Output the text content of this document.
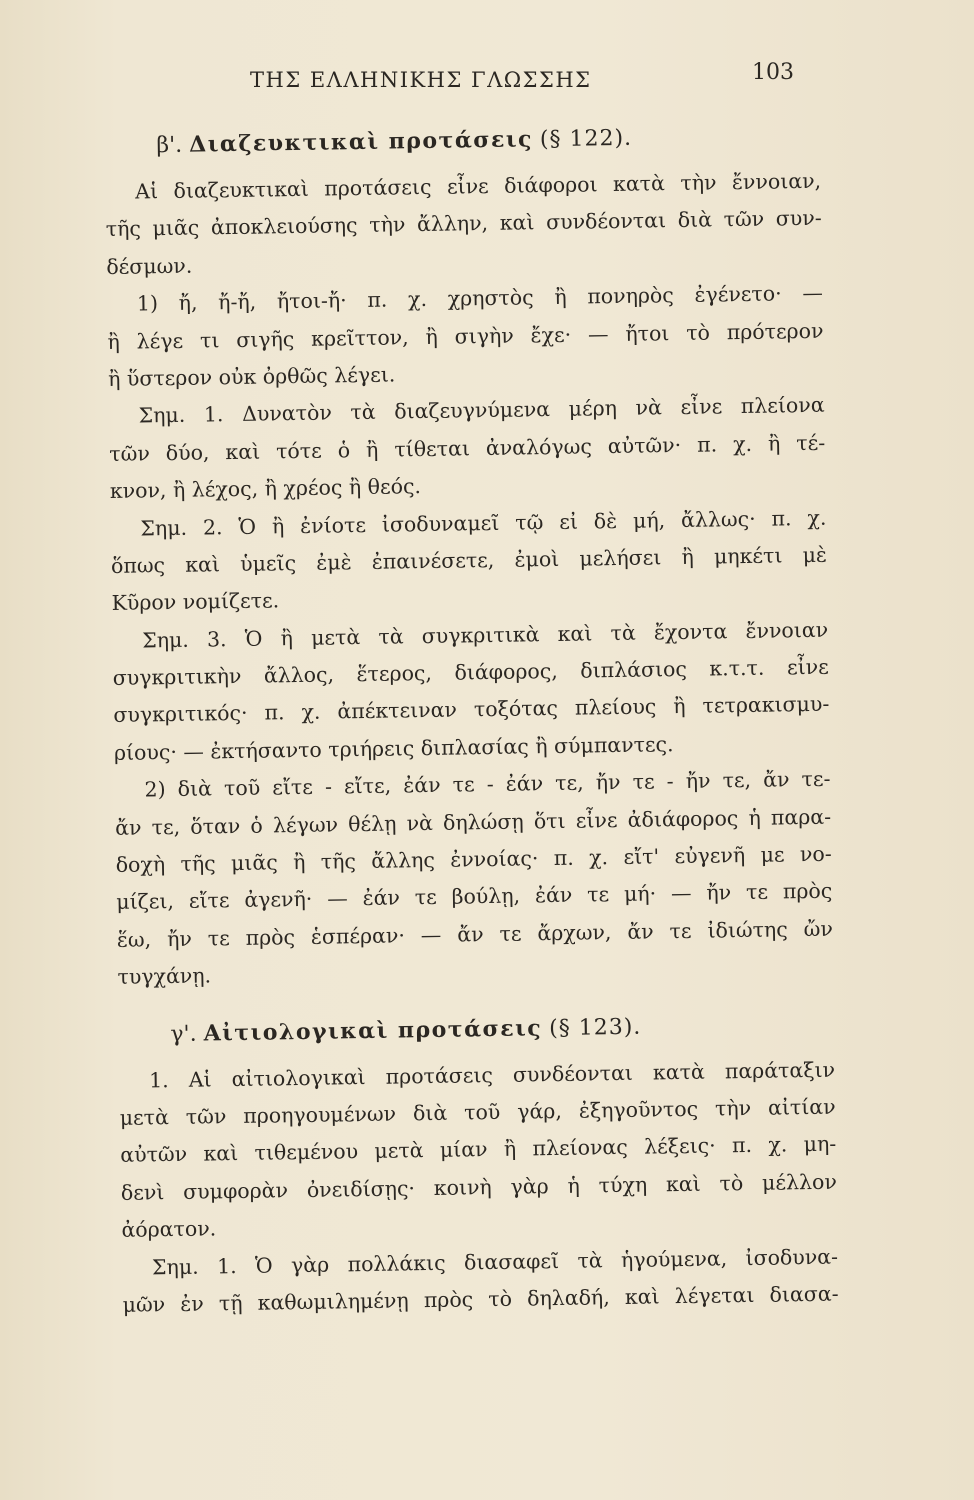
ΤΗΣ ΕΛΛΗΝΙΚΗΣ ΓΛΩΣΣΗΣ	103
β'. Διαζευκτικαὶ προτάσεις (§ 122).
Αἱ διαζευκτικαὶ προτάσεις εἶνε διάφοροι κατὰ τὴν ἔννοιαν,
τῆς μιᾶς ἀποκλειούσης τὴν ἄλλην, καὶ συνδέονται διὰ τῶν συν-
δέσμων.
1) ἤ, ἤ-ἤ, ἤτοι-ἤ· π. χ. χρηστὸς ἢ πονηρὸς ἐγένετο· —
ἢ λέγε τι σιγῆς κρεῖττον, ἢ σιγὴν ἔχε· — ἤτοι τὸ πρότερον
ἢ ὕστερον οὐκ ὀρθῶς λέγει.
Σημ. 1. Δυνατὸν τὰ διαζευγνύμενα μέρη νὰ εἶνε πλείονα
τῶν δύο, καὶ τότε ὁ ἢ τίθεται ἀναλόγως αὐτῶν· π. χ. ἢ τέ-
κνον, ἢ λέχος, ἢ χρέος ἢ θεός.
Σημ. 2. Ὁ ἢ ἐνίοτε ἰσοδυναμεῖ τῷ εἰ δὲ μή, ἄλλως· π. χ.
ὅπως καὶ ὑμεῖς ἐμὲ ἐπαινέσετε, ἐμοὶ μελήσει ἢ μηκέτι μὲ
Κῦρον νομίζετε.
Σημ. 3. Ὁ ἢ μετὰ τὰ συγκριτικὰ καὶ τὰ ἔχοντα ἔννοιαν
συγκριτικὴν ἄλλος, ἕτερος, διάφορος, διπλάσιος κ.τ.τ. εἶνε
συγκριτικός· π. χ. ἀπέκτειναν τοξότας πλείους ἢ τετρακισμυ-
ρίους· — ἐκτήσαντο τριήρεις διπλασίας ἢ σύμπαντες.
2) διὰ τοῦ εἴτε - εἴτε, ἐάν τε - ἐάν τε, ἤν τε - ἤν τε, ἄν τε-
ἄν τε, ὅταν ὁ λέγων θέλῃ νὰ δηλώσῃ ὅτι εἶνε ἀδιάφορος ἡ παρα-
δοχὴ τῆς μιᾶς ἢ τῆς ἄλλης ἐννοίας· π. χ. εἴτ' εὐγενῆ με νο-
μίζει, εἴτε ἀγενῆ· — ἐάν τε βούλῃ, ἐάν τε μή· — ἤν τε πρὸς
ἕω, ἤν τε πρὸς ἑσπέραν· — ἄν τε ἄρχων, ἄν τε ἰδιώτης ὤν
τυγχάνῃ.
γ'. Αἰτιολογικαὶ προτάσεις (§ 123).
1. Αἱ αἰτιολογικαὶ προτάσεις συνδέονται κατὰ παράταξιν
μετὰ τῶν προηγουμένων διὰ τοῦ γάρ, ἐξηγοῦντος τὴν αἰτίαν
αὐτῶν καὶ τιθεμένου μετὰ μίαν ἢ πλείονας λέξεις· π. χ. μη-
δενὶ συμφορὰν ὀνειδίσῃς· κοινὴ γὰρ ἡ τύχη καὶ τὸ μέλλον
ἀόρατον.
Σημ. 1. Ὁ γὰρ πολλάκις διασαφεῖ τὰ ἡγούμενα, ἰσοδυνα-
μῶν ἐν τῇ καθωμιλημένῃ πρὸς τὸ δηλαδή, καὶ λέγεται διασα-
